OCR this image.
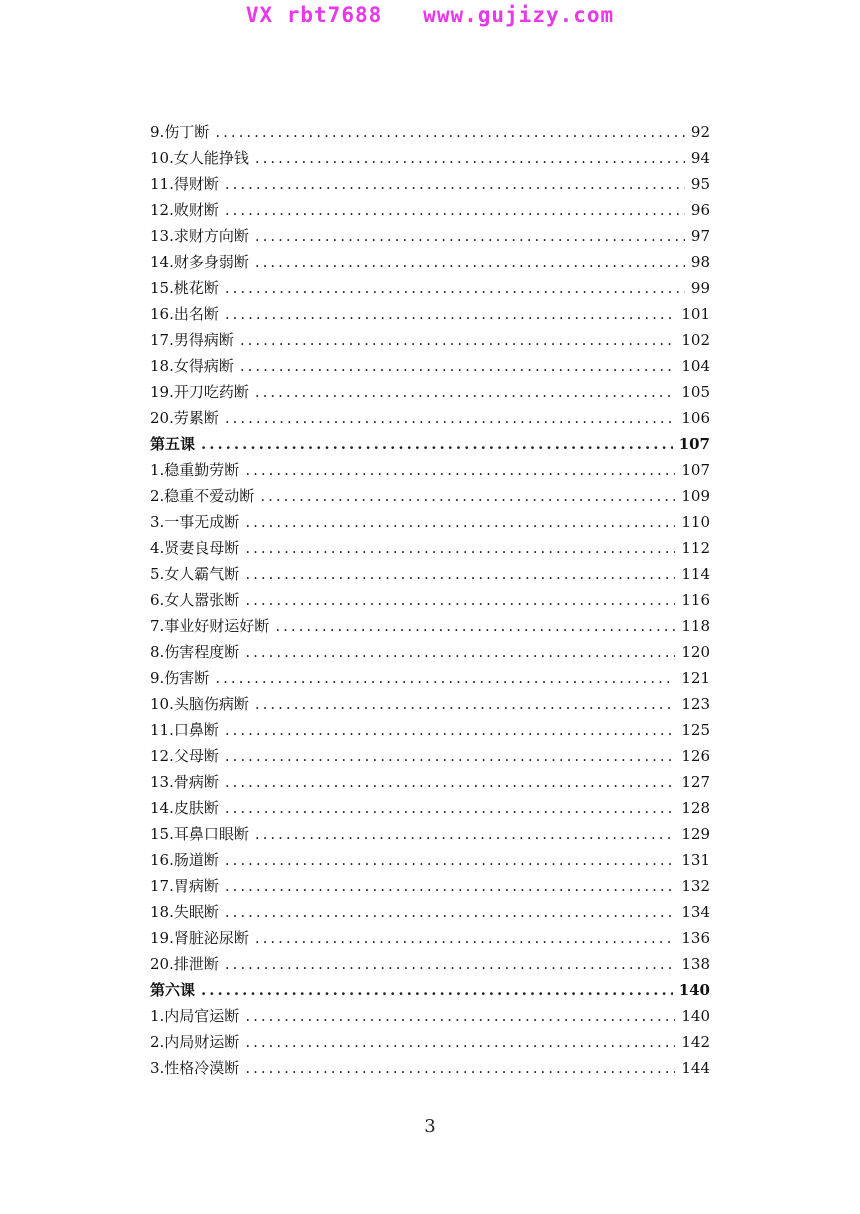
VX rbt7688   www.gujizy.com
9.伤丁断 .....	92
10.女人能挣钱 .....	94
11.得财断 .....	95
12.败财断 .....	96
13.求财方向断 .....	97
14.财多身弱断 .....	98
15.桃花断 .....	99
16.出名断 .....	101
17.男得病断 .....	102
18.女得病断 .....	104
19.开刀吃药断 .....	105
20.劳累断 .....	106
第五课 .....	107
1.稳重勤劳断 .....	107
2.稳重不爱动断 .....	109
3.一事无成断 .....	110
4.贤妻良母断 .....	112
5.女人霸气断 .....	114
6.女人嚣张断 .....	116
7.事业好财运好断 .....	118
8.伤害程度断 .....	120
9.伤害断 .....	121
10.头脑伤病断 .....	123
11.口鼻断 .....	125
12.父母断 .....	126
13.骨病断 .....	127
14.皮肤断 .....	128
15.耳鼻口眼断 .....	129
16.肠道断 .....	131
17.胃病断 .....	132
18.失眠断 .....	134
19.肾脏泌尿断 .....	136
20.排泄断 .....	138
第六课 .....	140
1.内局官运断 .....	140
2.内局财运断 .....	142
3.性格冷漠断 .....	144
3
